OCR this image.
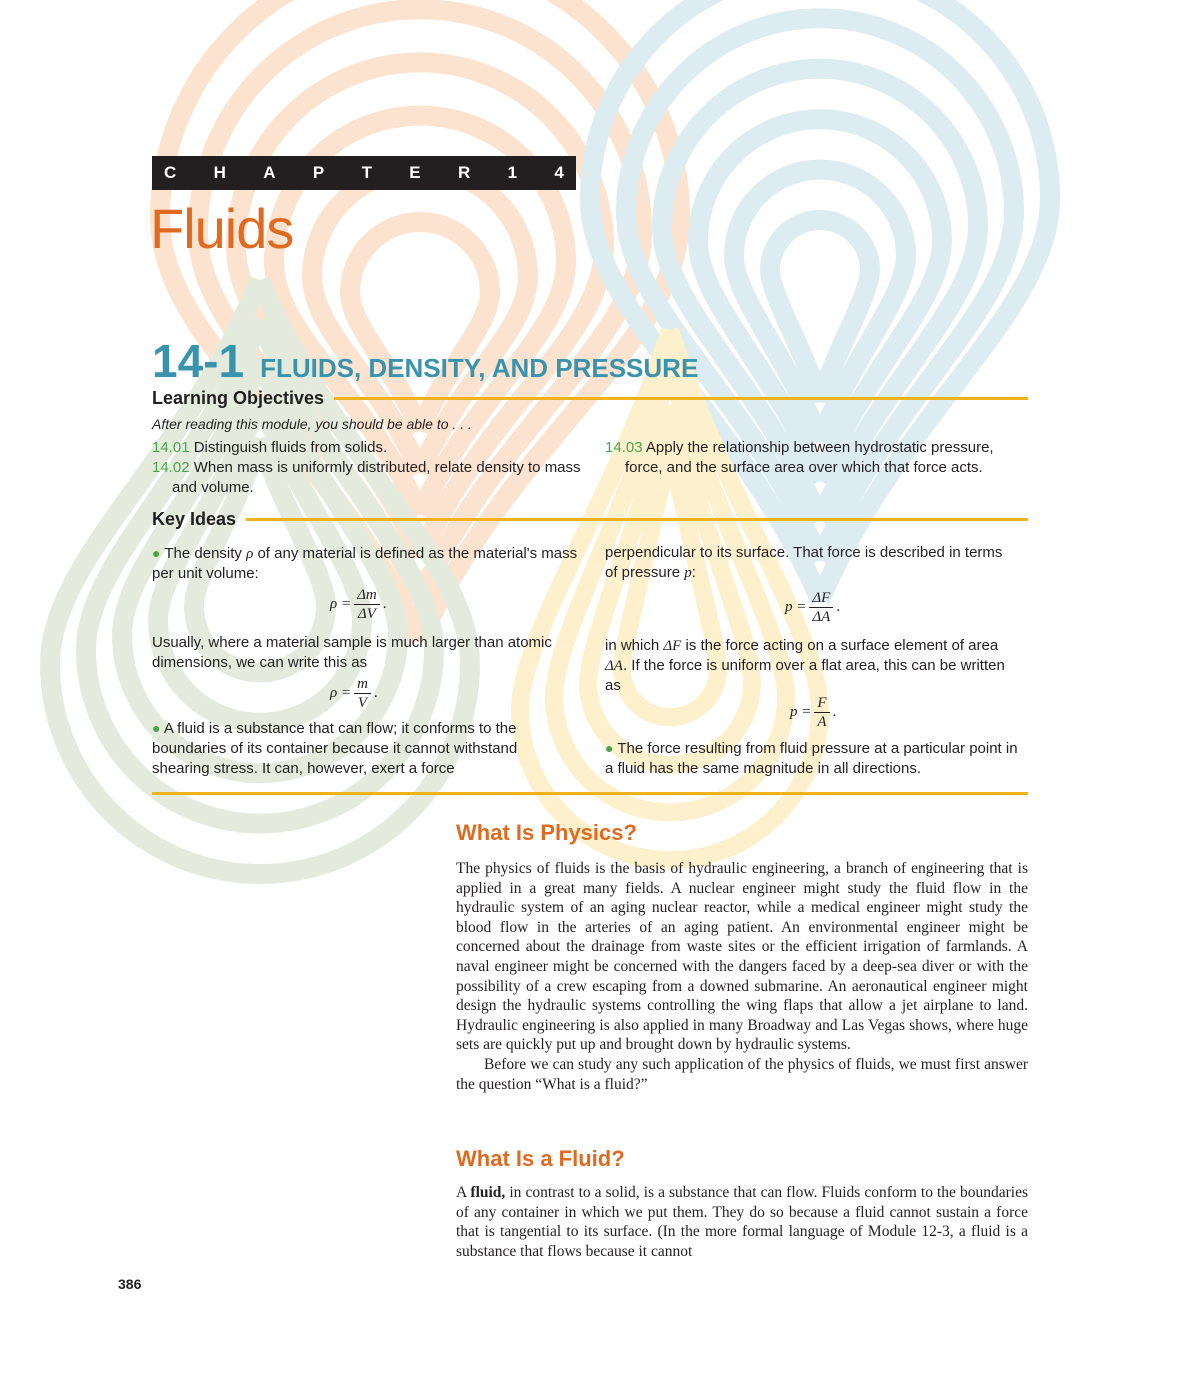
C H A P T E R 1 4
Fluids
14-1 FLUIDS, DENSITY, AND PRESSURE
Learning Objectives
After reading this module, you should be able to . . .
14.01 Distinguish fluids from solids.
14.02 When mass is uniformly distributed, relate density to mass and volume.
14.03 Apply the relationship between hydrostatic pressure, force, and the surface area over which that force acts.
Key Ideas
● The density ρ of any material is defined as the material's mass per unit volume:
$\rho = \frac{\Delta m}{\Delta V}$ .
Usually, where a material sample is much larger than atomic dimensions, we can write this as
$\rho = \frac{m}{V}$ .
● A fluid is a substance that can flow; it conforms to the boundaries of its container because it cannot withstand shearing stress. It can, however, exert a force
perpendicular to its surface. That force is described in terms of pressure p:
$p = \frac{\Delta F}{\Delta A}$ .
in which ΔF is the force acting on a surface element of area ΔA. If the force is uniform over a flat area, this can be written as
$p = \frac{F}{A}$ .
● The force resulting from fluid pressure at a particular point in a fluid has the same magnitude in all directions.
What Is Physics?
The physics of fluids is the basis of hydraulic engineering, a branch of engineering that is applied in a great many fields. A nuclear engineer might study the fluid flow in the hydraulic system of an aging nuclear reactor, while a medical engineer might study the blood flow in the arteries of an aging patient. An environmental engineer might be concerned about the drainage from waste sites or the efficient irrigation of farmlands. A naval engineer might be concerned with the dangers faced by a deep-sea diver or with the possibility of a crew escaping from a downed submarine. An aeronautical engineer might design the hydraulic systems controlling the wing flaps that allow a jet airplane to land. Hydraulic engineering is also applied in many Broadway and Las Vegas shows, where huge sets are quickly put up and brought down by hydraulic systems.
Before we can study any such application of the physics of fluids, we must first answer the question “What is a fluid?”
What Is a Fluid?
A fluid, in contrast to a solid, is a substance that can flow. Fluids conform to the boundaries of any container in which we put them. They do so because a fluid cannot sustain a force that is tangential to its surface. (In the more formal language of Module 12-3, a fluid is a substance that flows because it cannot
386
